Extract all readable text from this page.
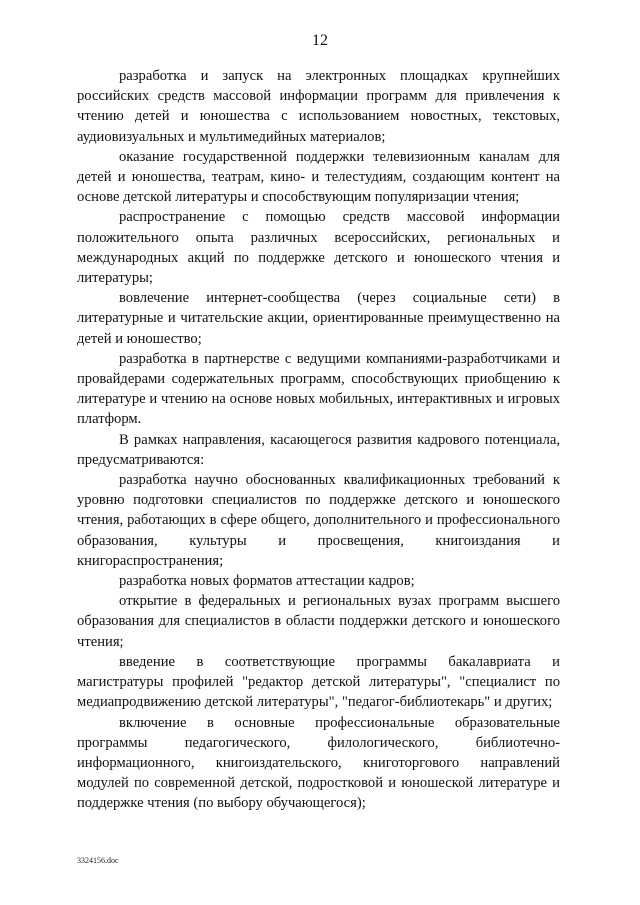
12

разработка и запуск на электронных площадках крупнейших российских средств массовой информации программ для привлечения к чтению детей и юношества с использованием новостных, текстовых, аудиовизуальных и мультимедийных материалов;

оказание государственной поддержки телевизионным каналам для детей и юношества, театрам, кино- и телестудиям, создающим контент на основе детской литературы и способствующим популяризации чтения;

распространение с помощью средств массовой информации положительного опыта различных всероссийских, региональных и международных акций по поддержке детского и юношеского чтения и литературы;

вовлечение интернет-сообщества (через социальные сети) в литературные и читательские акции, ориентированные преимущественно на детей и юношество;

разработка в партнерстве с ведущими компаниями-разработчиками и провайдерами содержательных программ, способствующих приобщению к литературе и чтению на основе новых мобильных, интерактивных и игровых платформ.

В рамках направления, касающегося развития кадрового потенциала, предусматриваются:

разработка научно обоснованных квалификационных требований к уровню подготовки специалистов по поддержке детского и юношеского чтения, работающих в сфере общего, дополнительного и профессионального образования, культуры и просвещения, книгоиздания и книгораспространения;

разработка новых форматов аттестации кадров;

открытие в федеральных и региональных вузах программ высшего образования для специалистов в области поддержки детского и юношеского чтения;

введение в соответствующие программы бакалавриата и магистратуры профилей "редактор детской литературы", "специалист по медиапродвижению детской литературы", "педагог-библиотекарь" и других;

включение в основные профессиональные образовательные программы педагогического, филологического, библиотечно-информационного, книгоиздательского, книготоргового направлений модулей по современной детской, подростковой и юношеской литературе и поддержке чтения (по выбору обучающегося);

3324156.doc
